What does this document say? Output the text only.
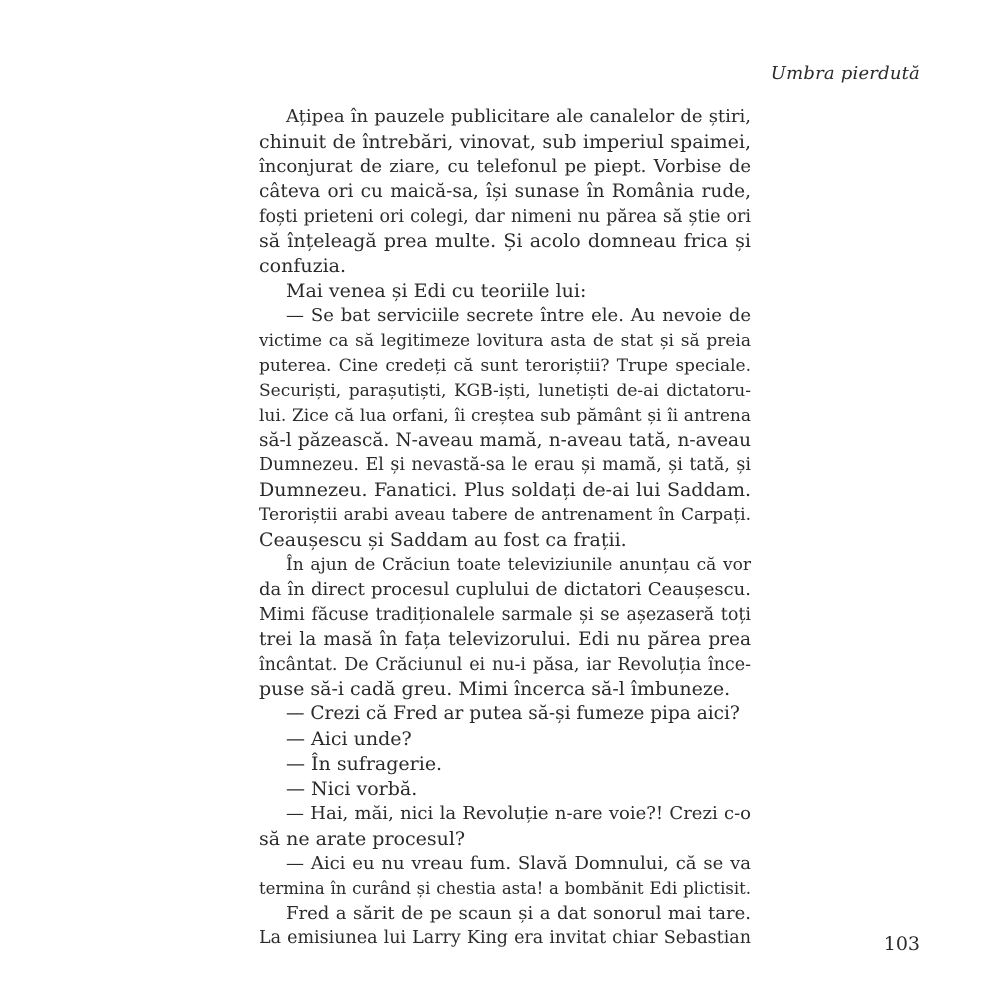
Umbra pierdută
Ațipea în pauzele publicitare ale canalelor de știri,
chinuit de întrebări, vinovat, sub imperiul spaimei,
înconjurat de ziare, cu telefonul pe piept. Vorbise de
câteva ori cu maică-sa, își sunase în România rude,
foști prieteni ori colegi, dar nimeni nu părea să știe ori
să înțeleagă prea multe. Și acolo domneau frica și
confuzia.
Mai venea și Edi cu teoriile lui:
— Se bat serviciile secrete între ele. Au nevoie de
victime ca să legitimeze lovitura asta de stat și să preia
puterea. Cine credeți că sunt teroriștii? Trupe speciale.
Securiști, parașutiști, KGB-iști, lunetiști de-ai dictatoru-
lui. Zice că lua orfani, îi creștea sub pământ și îi antrena
să-l păzească. N-aveau mamă, n-aveau tată, n-aveau
Dumnezeu. El și nevastă-sa le erau și mamă, și tată, și
Dumnezeu. Fanatici. Plus soldați de-ai lui Saddam.
Teroriștii arabi aveau tabere de antrenament în Carpați.
Ceaușescu și Saddam au fost ca frații.
În ajun de Crăciun toate televiziunile anunțau că vor
da în direct procesul cuplului de dictatori Ceaușescu.
Mimi făcuse tradiționalele sarmale și se așezaseră toți
trei la masă în fața televizorului. Edi nu părea prea
încântat. De Crăciunul ei nu-i păsa, iar Revoluția înce-
puse să-i cadă greu. Mimi încerca să-l îmbuneze.
— Crezi că Fred ar putea să-și fumeze pipa aici?
— Aici unde?
— În sufragerie.
— Nici vorbă.
— Hai, măi, nici la Revoluție n-are voie?! Crezi c-o
să ne arate procesul?
— Aici eu nu vreau fum. Slavă Domnului, că se va
termina în curând și chestia asta! a bombănit Edi plictisit.
Fred a sărit de pe scaun și a dat sonorul mai tare.
La emisiunea lui Larry King era invitat chiar Sebastian	103
